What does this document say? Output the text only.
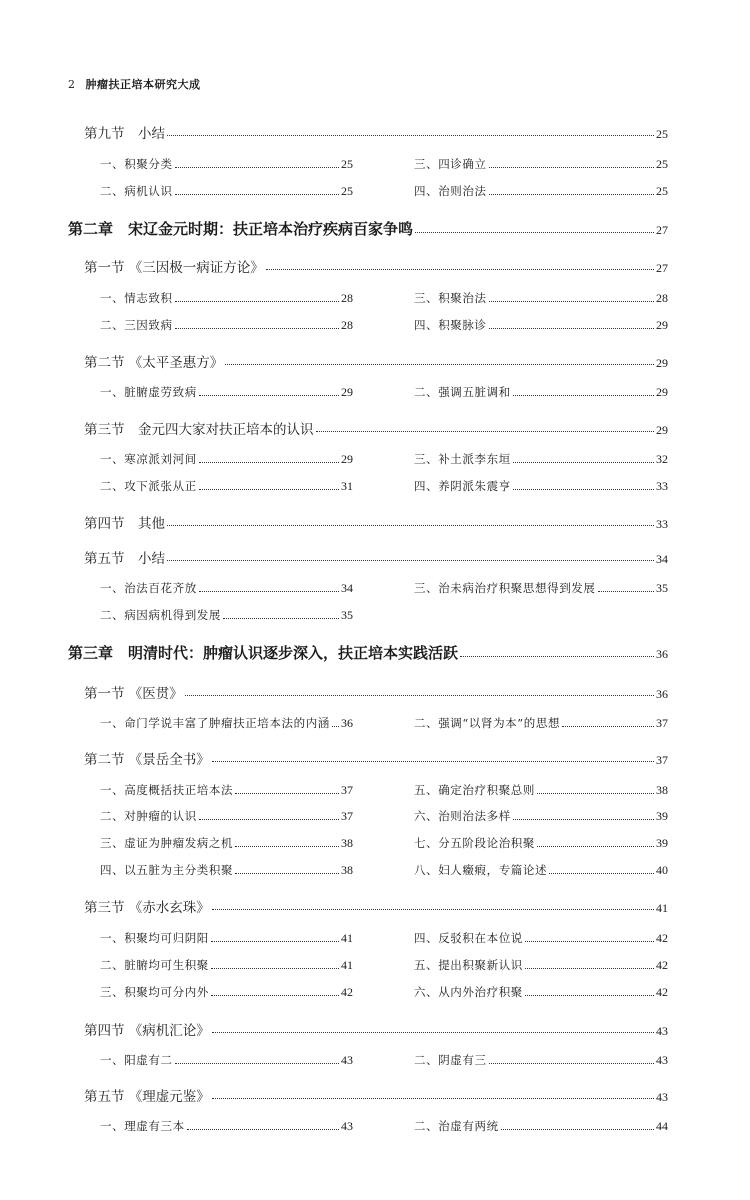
2 肿瘤扶正培本研究大成
第九节　小结	25
一、积聚分类	25	三、四诊确立	25
二、病机认识	25	四、治则治法	25
第二章　宋辽金元时期：扶正培本治疗疾病百家争鸣	27
第一节 《三因极一病证方论》	27
一、情志致积	28	三、积聚治法	28
二、三因致病	28	四、积聚脉诊	29
第二节 《太平圣惠方》	29
一、脏腑虚劳致病	29	二、强调五脏调和	29
第三节　金元四大家对扶正培本的认识	29
一、寒凉派刘河间	29	三、补土派李东垣	32
二、攻下派张从正	31	四、养阴派朱震亨	33
第四节　其他	33
第五节　小结	34
一、治法百花齐放	34	三、治未病治疗积聚思想得到发展	35
二、病因病机得到发展	35
第三章　明清时代：肿瘤认识逐步深入，扶正培本实践活跃	36
第一节 《医贯》	36
一、命门学说丰富了肿瘤扶正培本法的内涵 36	二、强调“以肾为本”的思想	37
第二节 《景岳全书》	37
一、高度概括扶正培本法	37	五、确定治疗积聚总则	38
二、对肿瘤的认识	37	六、治则治法多样	39
三、虚证为肿瘤发病之机	38	七、分五阶段论治积聚	39
四、以五脏为主分类积聚	38	八、妇人癥瘕，专篇论述	40
第三节 《赤水玄珠》	41
一、积聚均可归阴阳	41	四、反驳积在本位说	42
二、脏腑均可生积聚	41	五、提出积聚新认识	42
三、积聚均可分内外	42	六、从内外治疗积聚	42
第四节 《病机汇论》	43
一、阳虚有二	43	二、阴虚有三	43
第五节 《理虚元鉴》	43
一、理虚有三本	43	二、治虚有两统	44
